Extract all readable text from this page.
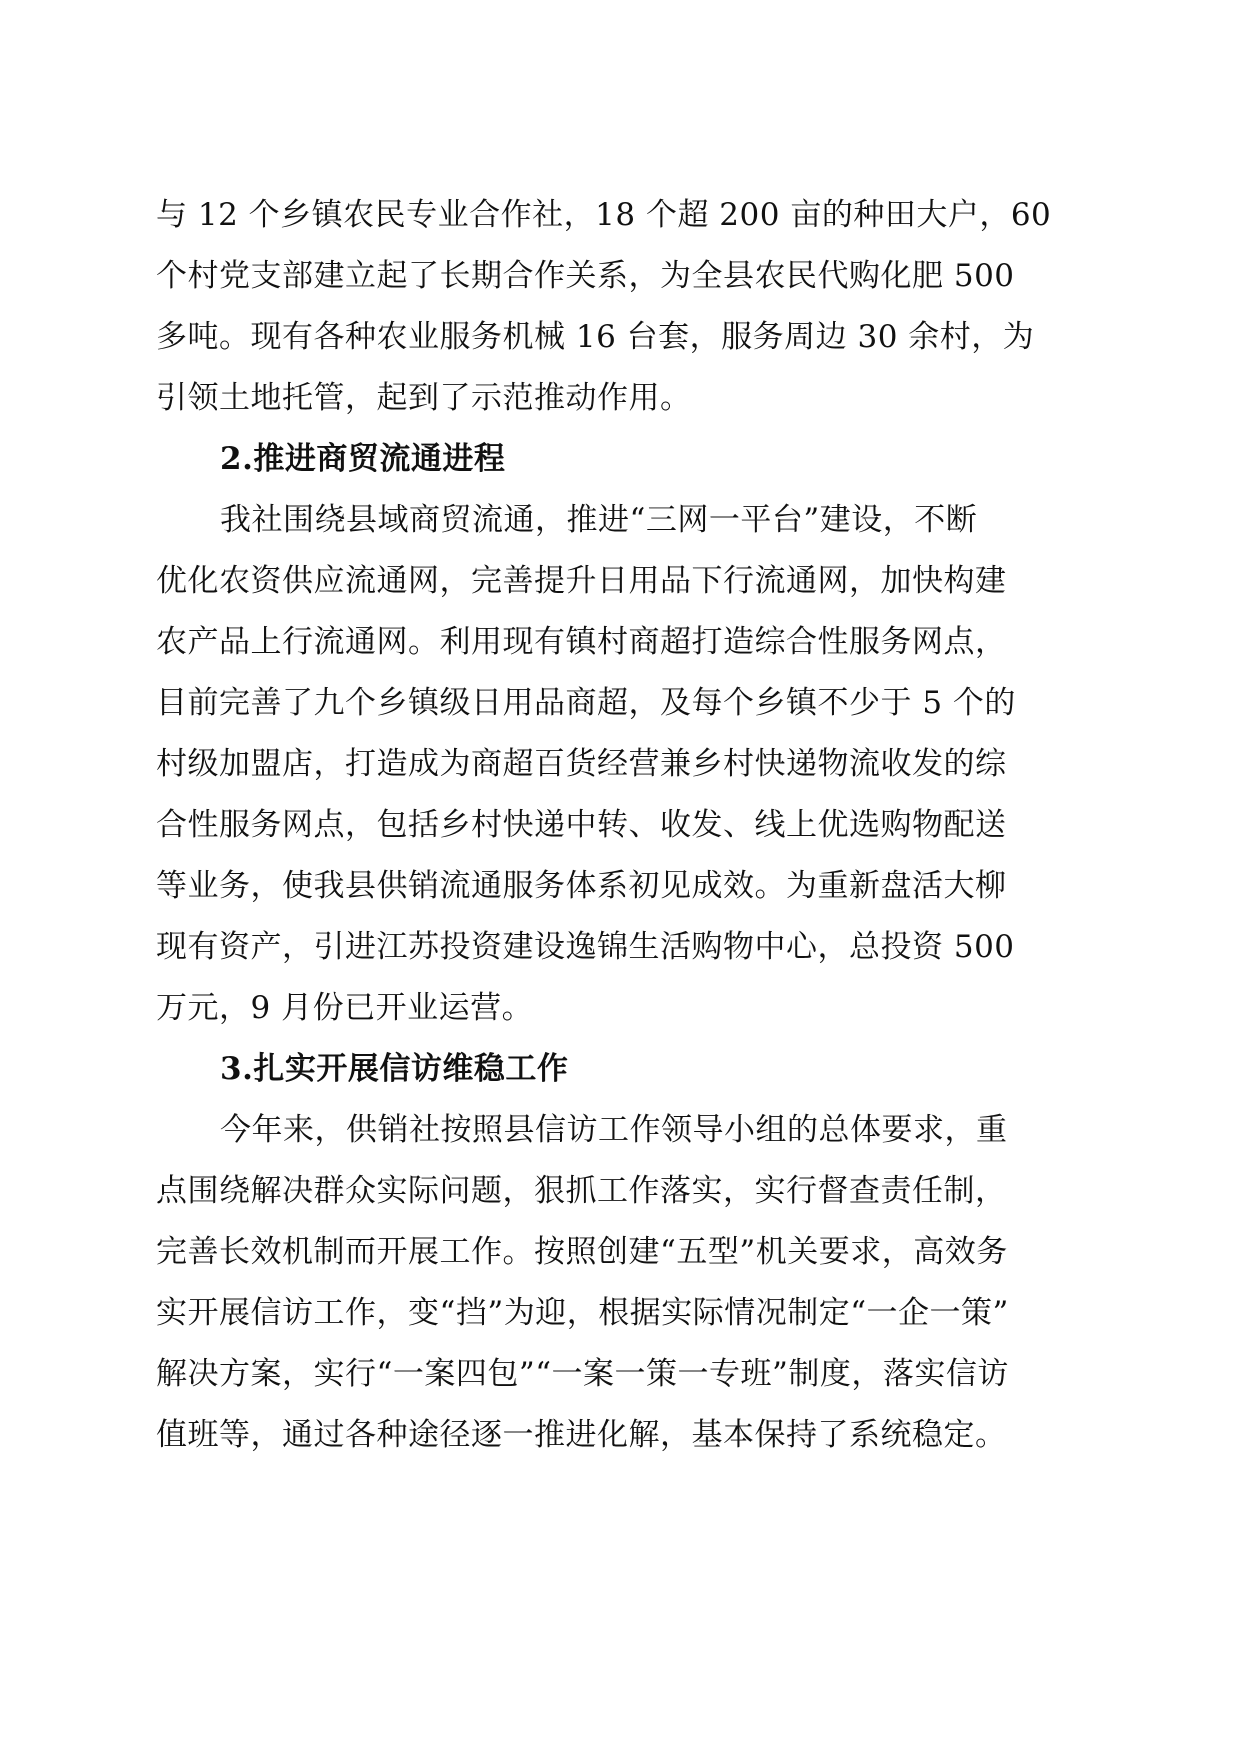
与 12 个乡镇农民专业合作社，18 个超 200 亩的种田大户，60
个村党支部建立起了长期合作关系，为全县农民代购化肥 500
多吨。现有各种农业服务机械 16 台套，服务周边 30 余村，为
引领土地托管，起到了示范推动作用。
2.推进商贸流通进程
我社围绕县域商贸流通，推进“三网一平台”建设，不断
优化农资供应流通网，完善提升日用品下行流通网，加快构建
农产品上行流通网。利用现有镇村商超打造综合性服务网点，
目前完善了九个乡镇级日用品商超，及每个乡镇不少于 5 个的
村级加盟店，打造成为商超百货经营兼乡村快递物流收发的综
合性服务网点，包括乡村快递中转、收发、线上优选购物配送
等业务，使我县供销流通服务体系初见成效。为重新盘活大柳
现有资产，引进江苏投资建设逸锦生活购物中心，总投资 500
万元，9 月份已开业运营。
3.扎实开展信访维稳工作
今年来，供销社按照县信访工作领导小组的总体要求，重
点围绕解决群众实际问题，狠抓工作落实，实行督查责任制，
完善长效机制而开展工作。按照创建“五型”机关要求，高效务
实开展信访工作，变“挡”为迎，根据实际情况制定“一企一策”
解决方案，实行“一案四包”“一案一策一专班”制度，落实信访
值班等，通过各种途径逐一推进化解，基本保持了系统稳定。
